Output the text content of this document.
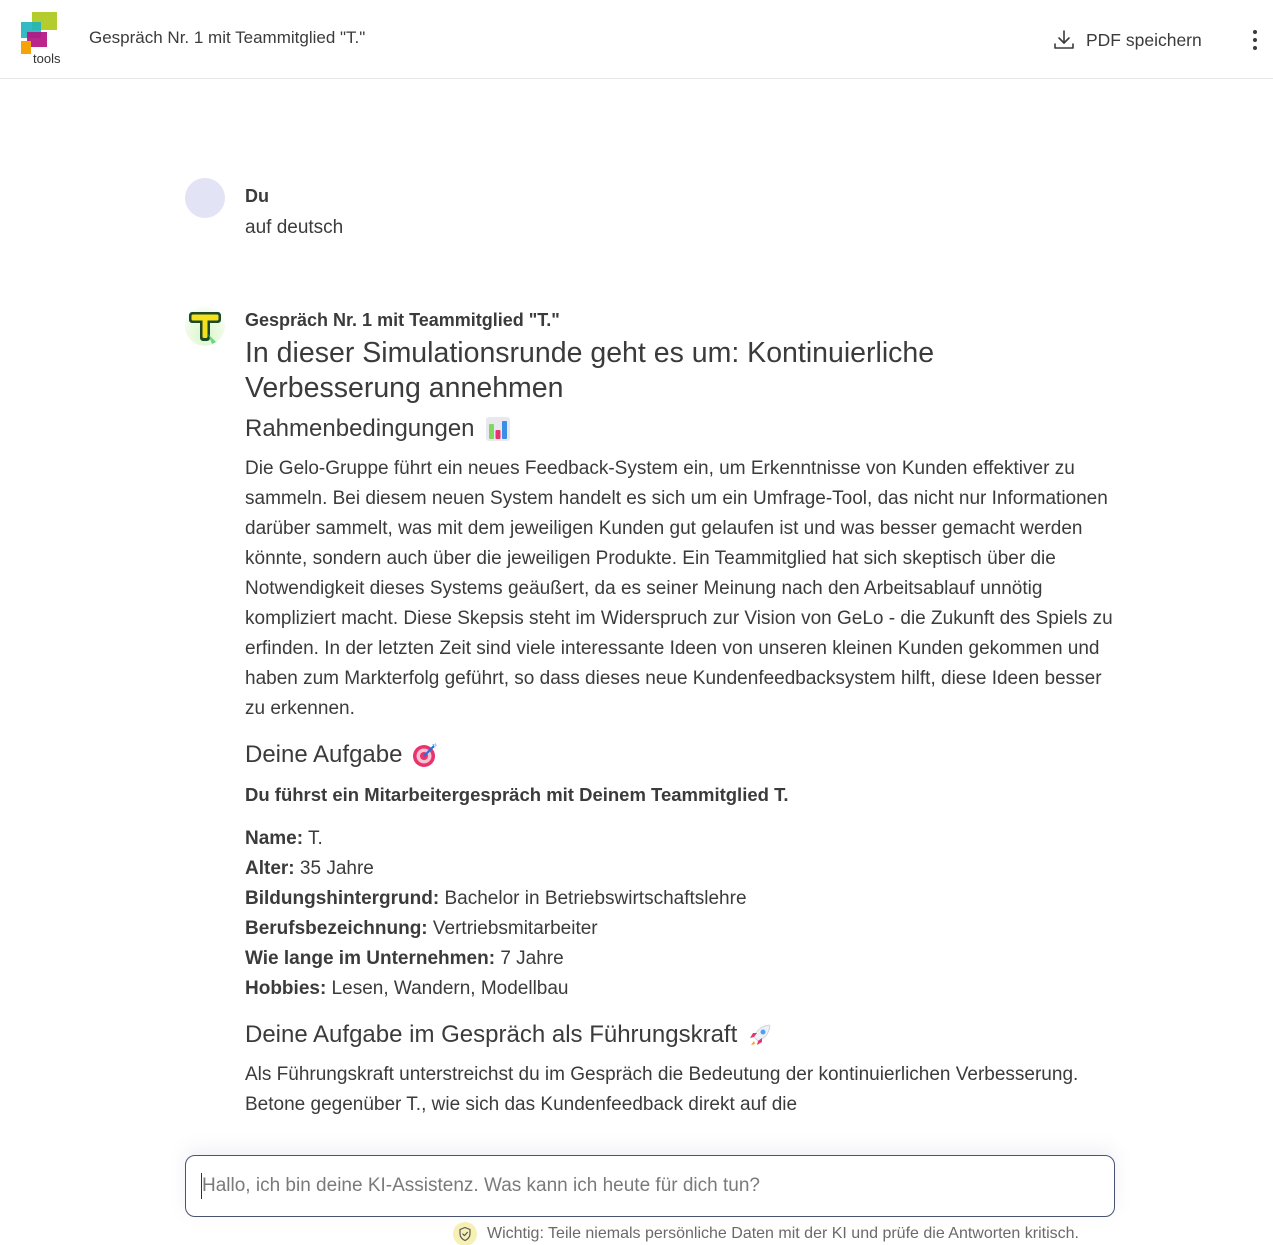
tools
Gespräch Nr. 1 mit Teammitglied "T."	PDF speichern
Du
auf deutsch
Gespräch Nr. 1 mit Teammitglied "T."
In dieser Simulationsrunde geht es um: Kontinuierliche Verbesserung annehmen
Rahmenbedingungen
Die Gelo-Gruppe führt ein neues Feedback-System ein, um Erkenntnisse von Kunden effektiver zu sammeln. Bei diesem neuen System handelt es sich um ein Umfrage-Tool, das nicht nur Informationen darüber sammelt, was mit dem jeweiligen Kunden gut gelaufen ist und was besser gemacht werden könnte, sondern auch über die jeweiligen Produkte. Ein Teammitglied hat sich skeptisch über die Notwendigkeit dieses Systems geäußert, da es seiner Meinung nach den Arbeitsablauf unnötig kompliziert macht. Diese Skepsis steht im Widerspruch zur Vision von GeLo - die Zukunft des Spiels zu erfinden. In der letzten Zeit sind viele interessante Ideen von unseren kleinen Kunden gekommen und haben zum Markterfolg geführt, so dass dieses neue Kundenfeedbacksystem hilft, diese Ideen besser zu erkennen.
Deine Aufgabe
Du führst ein Mitarbeitergespräch mit Deinem Teammitglied T.
Name: T.
Alter: 35 Jahre
Bildungshintergrund: Bachelor in Betriebswirtschaftslehre
Berufsbezeichnung: Vertriebsmitarbeiter
Wie lange im Unternehmen: 7 Jahre
Hobbies: Lesen, Wandern, Modellbau
Deine Aufgabe im Gespräch als Führungskraft
Als Führungskraft unterstreichst du im Gespräch die Bedeutung der kontinuierlichen Verbesserung. Betone gegenüber T., wie sich das Kundenfeedback direkt auf die
Hallo, ich bin deine KI-Assistenz. Was kann ich heute für dich tun?
Wichtig: Teile niemals persönliche Daten mit der KI und prüfe die Antworten kritisch.
